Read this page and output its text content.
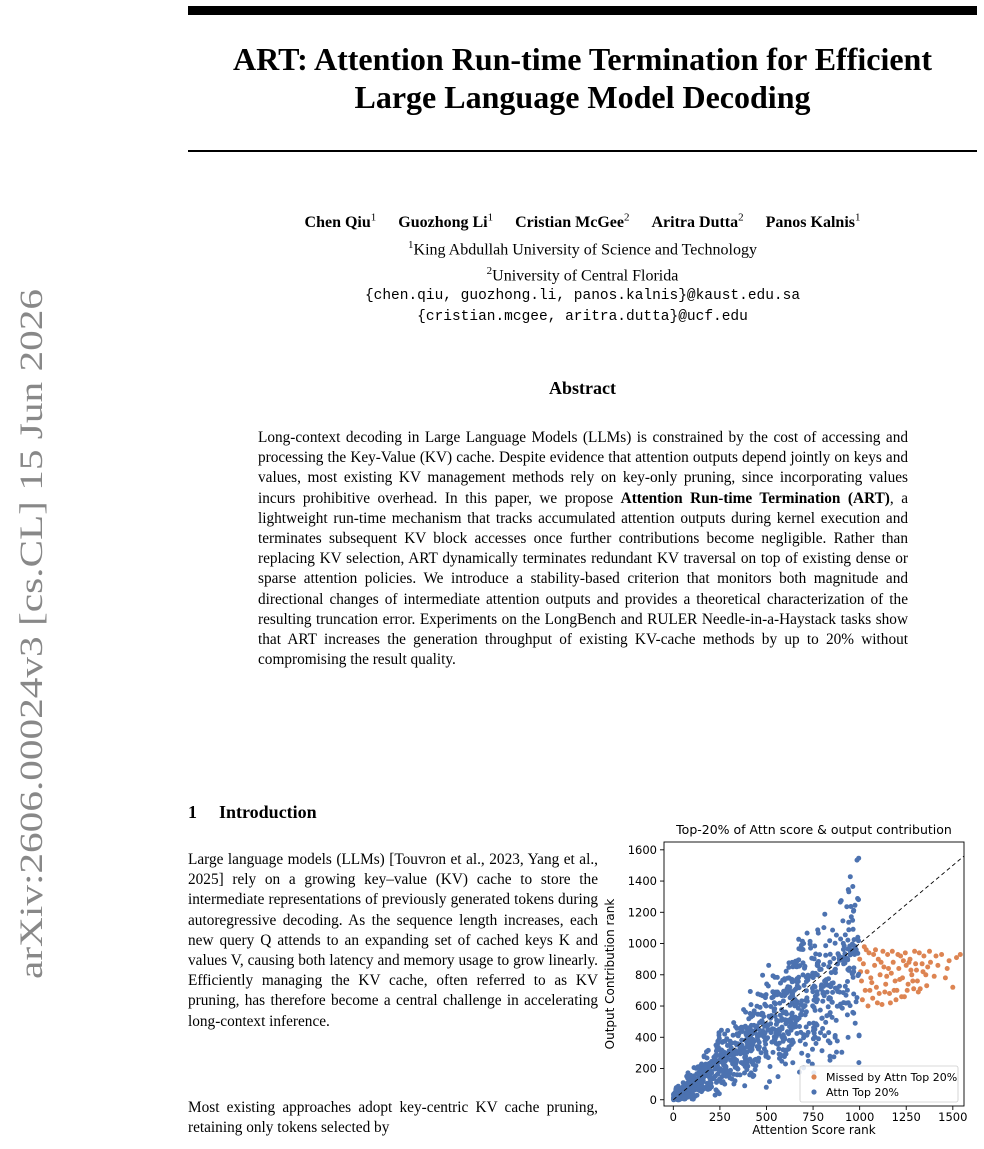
arXiv:2606.00024v3 [cs.CL] 15 Jun 2026
ART: Attention Run-time Termination for Efficient
Large Language Model Decoding
Chen Qiu$^1$ Guozhong Li$^1$ Cristian McGee$^2$ Aritra Dutta$^2$ Panos Kalnis$^1$
$^1$King Abdullah University of Science and Technology
$^2$University of Central Florida
{chen.qiu, guozhong.li, panos.kalnis}@kaust.edu.sa
{cristian.mcgee, aritra.dutta}@ucf.edu
Abstract

Long-context decoding in Large Language Models (LLMs) is constrained by the cost of accessing and processing the Key-Value (KV) cache. Despite evidence that attention outputs depend jointly on keys and values, most existing KV management methods rely on key-only pruning, since incorporating values incurs prohibitive overhead. In this paper, we propose Attention Run-time Termination (ART), a lightweight run-time mechanism that tracks accumulated attention outputs during kernel execution and terminates subsequent KV block accesses once further contributions become negligible. Rather than replacing KV selection, ART dynamically terminates redundant KV traversal on top of existing dense or sparse attention policies. We introduce a stability-based criterion that monitors both magnitude and directional changes of intermediate attention outputs and provides a theoretical characterization of the resulting truncation error. Experiments on the LongBench and RULER Needle-in-a-Haystack tasks show that ART increases the generation throughput of existing KV-cache methods by up to 20% without compromising the result quality.

1 Introduction

Large language models (LLMs) [Touvron et al., 2023, Yang et al., 2025] rely on a growing key–value (KV) cache to store the intermediate representations of previously generated tokens during autoregressive decoding. As the sequence length increases, each new query Q attends to an expanding set of cached keys K and values V, causing both latency and memory usage to grow linearly. Efficiently managing the KV cache, often referred to as KV pruning, has therefore become a central challenge in accelerating long-context inference.

Most existing approaches adopt key-centric KV cache pruning, retaining only tokens selected by

Top-20% of Attn score & output contribution
0	250 500 750 1000 1250 1500
0
200
400
600
800
1000
1200
1400
1600
Attention Score rank
Output Contribution rank
Missed by Attn Top 20%
Attn Top 20%
